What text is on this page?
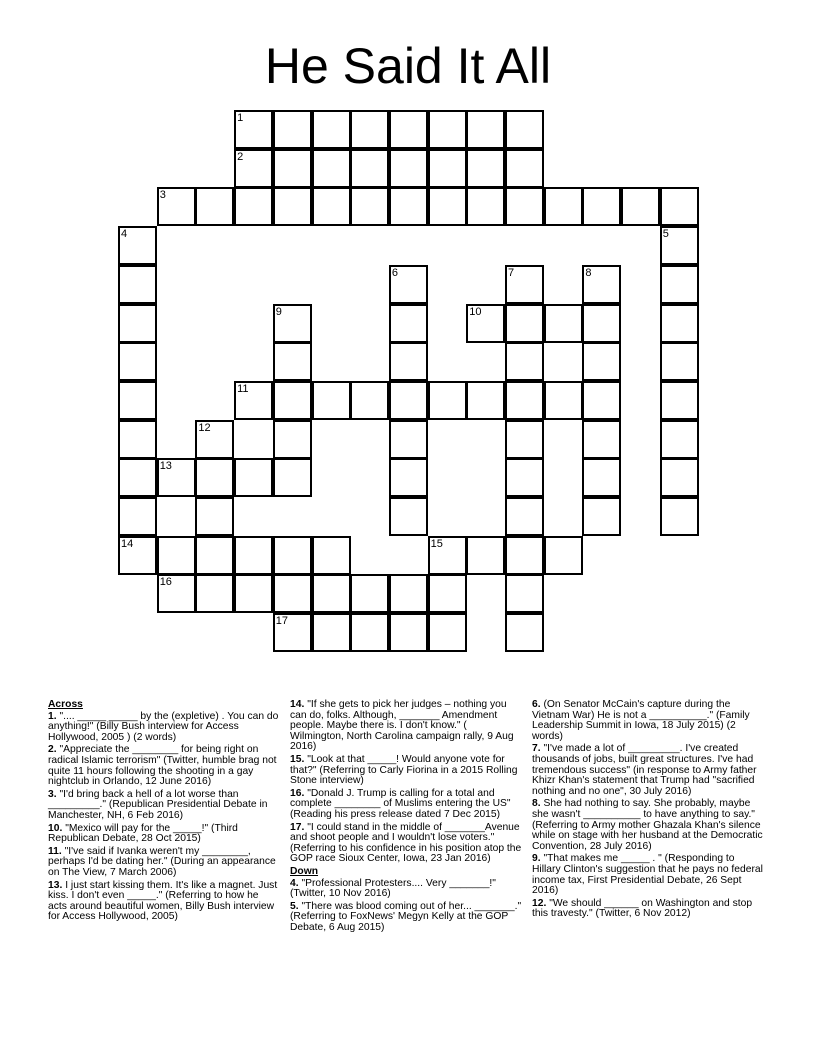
He Said It All
1
2
3
4
14
5
6	7	8
9	10
11
12
13
15
16
17
Across
1. ".... _____ _____ by the (expletive) . You can do anything!" (Billy Bush interview for Access Hollywood, 2005 ) (2 words)
2. "Appreciate the ________ for being right on radical Islamic terrorism" (Twitter, humble brag not quite 11 hours following the shooting in a gay nightclub in Orlando, 12 June 2016)
3. "I'd bring back a hell of a lot worse than _________." (Republican Presidential Debate in Manchester, NH, 6 Feb 2016)
10. "Mexico will pay for the _____!" (Third Republican Debate, 28 Oct 2015)
11. "I've said if Ivanka weren't my ________, perhaps I'd be dating her." (During an appearance on The View, 7 March 2006)
13. I just start kissing them. It's like a magnet. Just kiss. I don't even _____." (Referring to how he acts around beautiful women, Billy Bush interview for Access Hollywood, 2005)
14. "If she gets to pick her judges – nothing you can do, folks. Although, _______ Amendment people. Maybe there is. I don't know." ( Wilmington, North Carolina campaign rally, 9 Aug 2016)
15. "Look at that _____! Would anyone vote for that?" (Referring to Carly Fiorina in a 2015 Rolling Stone interview)
16. "Donald J. Trump is calling for a total and complete ________ of Muslims entering the US" (Reading his press release dated 7 Dec 2015)
17. "I could stand in the middle of _______Avenue and shoot people and I wouldn't lose voters." (Referring to his confidence in his position atop the GOP race Sioux Center, Iowa, 23 Jan 2016)
Down
4. "Professional Protesters.... Very _______!" (Twitter, 10 Nov 2016)
5. "There was blood coming out of her... _______." (Referring to FoxNews' Megyn Kelly at the GOP Debate, 6 Aug 2015)
6. (On Senator McCain's capture during the Vietnam War) He is not a __________." (Family Leadership Summit in Iowa, 18 July 2015) (2 words)
7. "I've made a lot of _________. I've created thousands of jobs, built great structures. I've had tremendous success" (in response to Army father Khizr Khan's statement that Trump had "sacrified nothing and no one", 30 July 2016)
8. She had nothing to say. She probably, maybe she wasn't __________ to have anything to say." (Referring to Army mother Ghazala Khan's silence while on stage with her husband at the Democratic Convention, 28 July 2016)
9. "That makes me _____ . " (Responding to Hillary Clinton's suggestion that he pays no federal income tax, First Presidential Debate, 26 Sept 2016)
12. "We should ______ on Washington and stop this travesty." (Twitter, 6 Nov 2012)
